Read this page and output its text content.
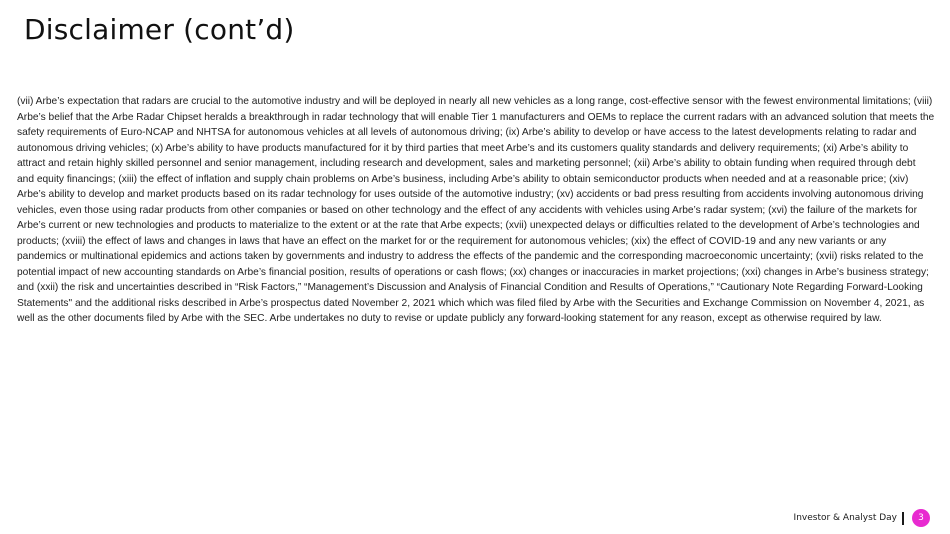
Disclaimer (cont’d)

(vii) Arbe’s expectation that radars are crucial to the automotive industry and will be deployed in nearly all new vehicles as a long range, cost-effective sensor with the fewest environmental limitations; (viii) Arbe’s belief that the Arbe Radar Chipset heralds a breakthrough in radar technology that will enable Tier 1 manufacturers and OEMs to replace the current radars with an advanced solution that meets the safety requirements of Euro-NCAP and NHTSA for autonomous vehicles at all levels of autonomous driving; (ix) Arbe’s ability to develop or have access to the latest developments relating to radar and autonomous driving vehicles; (x) Arbe’s ability to have products manufactured for it by third parties that meet Arbe’s and its customers quality standards and delivery requirements; (xi) Arbe’s ability to attract and retain highly skilled personnel and senior management, including research and development, sales and marketing personnel; (xii) Arbe’s ability to obtain funding when required through debt and equity financings; (xiii) the effect of inflation and supply chain problems on Arbe’s business, including Arbe’s ability to obtain semiconductor products when needed and at a reasonable price; (xiv) Arbe’s ability to develop and market products based on its radar technology for uses outside of the automotive industry; (xv) accidents or bad press resulting from accidents involving autonomous driving vehicles, even those using radar products from other companies or based on other technology and the effect of any accidents with vehicles using Arbe’s radar system; (xvi) the failure of the markets for Arbe’s current or new technologies and products to materialize to the extent or at the rate that Arbe expects; (xvii) unexpected delays or difficulties related to the development of Arbe’s technologies and products; (xviii) the effect of laws and changes in laws that have an effect on the market for or the requirement for autonomous vehicles; (xix) the effect of COVID-19 and any new variants or any pandemics or multinational epidemics and actions taken by governments and industry to address the effects of the pandemic and the corresponding macroeconomic uncertainty; (xvii) risks related to the potential impact of new accounting standards on Arbe’s financial position, results of operations or cash flows; (xx) changes or inaccuracies in market projections; (xxi) changes in Arbe’s business strategy; and (xxii) the risk and uncertainties described in “Risk Factors,” “Management’s Discussion and Analysis of Financial Condition and Results of Operations,” “Cautionary Note Regarding Forward-Looking Statements" and the additional risks described in Arbe’s prospectus dated November 2, 2021 which which was filed filed by Arbe with the Securities and Exchange Commission on November 4, 2021, as well as the other documents filed by Arbe with the SEC. Arbe undertakes no duty to revise or update publicly any forward-looking statement for any reason, except as otherwise required by law.

Investor & Analyst Day	3
